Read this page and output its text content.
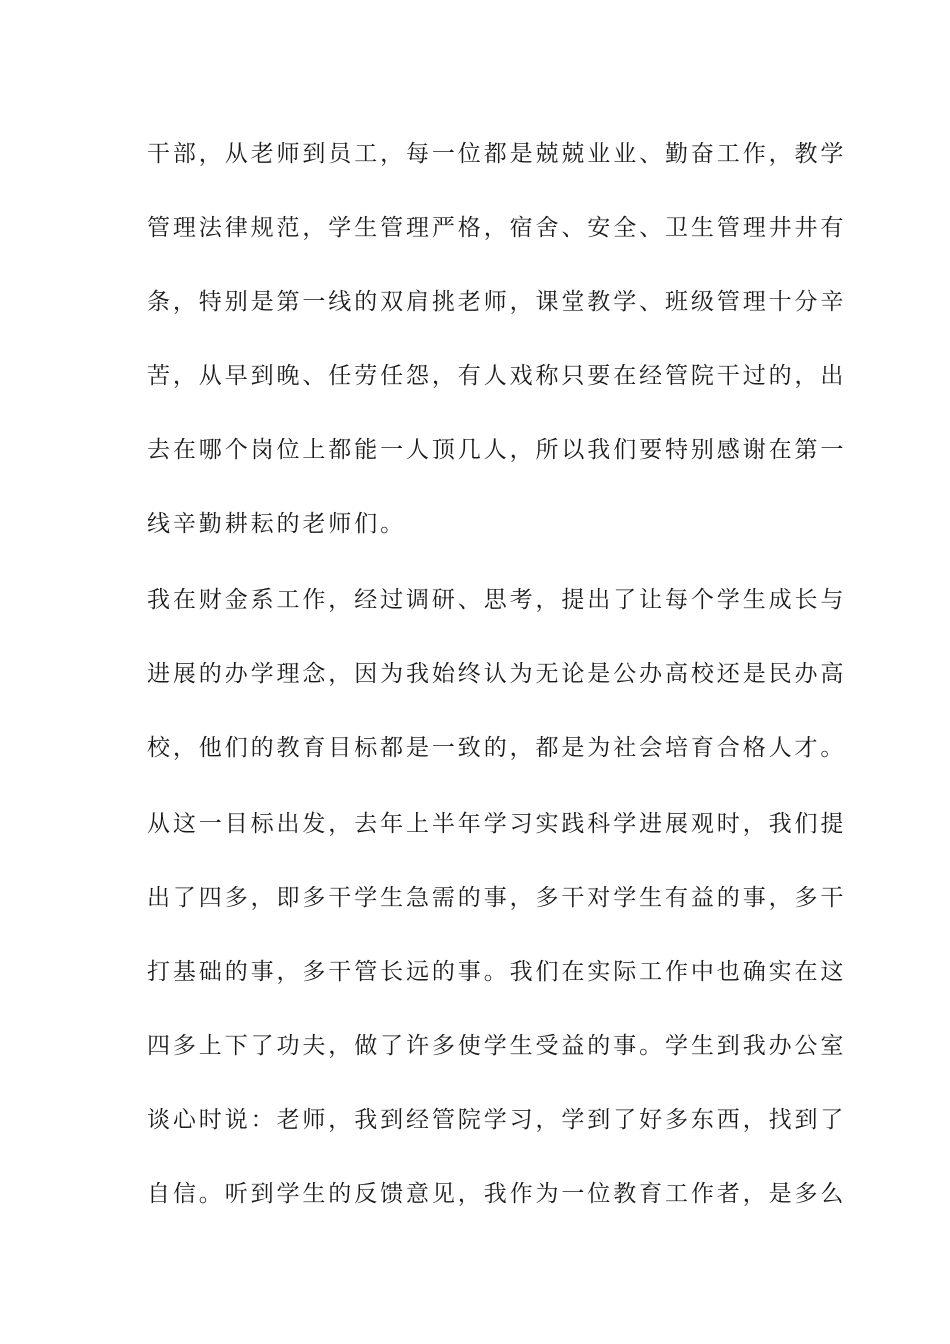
干部，从老师到员工，每一位都是兢兢业业、勤奋工作，教学
管理法律规范，学生管理严格，宿舍、安全、卫生管理井井有
条，特别是第一线的双肩挑老师，课堂教学、班级管理十分辛
苦，从早到晚、任劳任怨，有人戏称只要在经管院干过的，出
去在哪个岗位上都能一人顶几人，所以我们要特别感谢在第一
线辛勤耕耘的老师们。
我在财金系工作，经过调研、思考，提出了让每个学生成长与
进展的办学理念，因为我始终认为无论是公办高校还是民办高
校，他们的教育目标都是一致的，都是为社会培育合格人才。
从这一目标出发，去年上半年学习实践科学进展观时，我们提
出了四多，即多干学生急需的事，多干对学生有益的事，多干
打基础的事，多干管长远的事。我们在实际工作中也确实在这
四多上下了功夫，做了许多使学生受益的事。学生到我办公室
谈心时说：老师，我到经管院学习，学到了好多东西，找到了
自信。听到学生的反馈意见，我作为一位教育工作者，是多么
